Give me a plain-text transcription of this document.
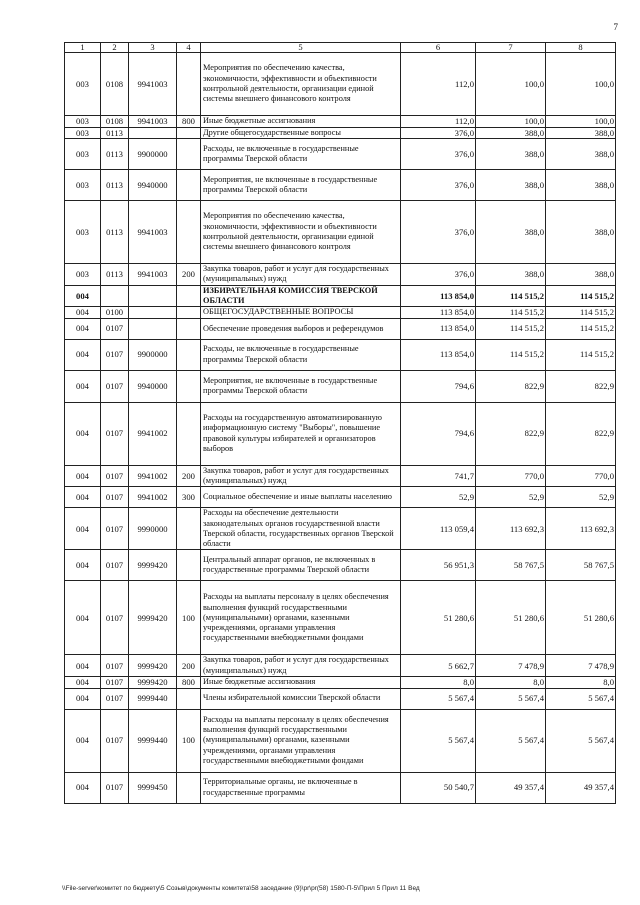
7
1	2	3	4	5	6	7	8
003	0108	9941003		Мероприятия по обеспечению качества, экономичности, эффективности и объективности контрольной деятельности, организации единой системы внешнего финансового контроля	112,0	100,0	100,0
003	0108	9941003	800	Иные бюджетные ассигнования	112,0	100,0	100,0
003	0113			Другие общегосударственные вопросы	376,0	388,0	388,0
003	0113	9900000		Расходы, не включенные в государственные программы Тверской области	376,0	388,0	388,0
003	0113	9940000		Мероприятия, не включенные в государственные программы Тверской области	376,0	388,0	388,0
003	0113	9941003		Мероприятия по обеспечению качества, экономичности, эффективности и объективности контрольной деятельности, организации единой системы внешнего финансового контроля	376,0	388,0	388,0
003	0113	9941003	200	Закупка товаров, работ и услуг для государственных (муниципальных) нужд	376,0	388,0	388,0
004				ИЗБИРАТЕЛЬНАЯ КОМИССИЯ ТВЕРСКОЙ ОБЛАСТИ	113 854,0	114 515,2	114 515,2
004	0100			ОБЩЕГОСУДАРСТВЕННЫЕ ВОПРОСЫ	113 854,0	114 515,2	114 515,2
004	0107			Обеспечение проведения выборов и референдумов	113 854,0	114 515,2	114 515,2
004	0107	9900000		Расходы, не включенные в государственные программы Тверской области	113 854,0	114 515,2	114 515,2
004	0107	9940000		Мероприятия, не включенные в государственные программы Тверской области	794,6	822,9	822,9
004	0107	9941002		Расходы на государственную автоматизированную информационную систему "Выборы", повышение правовой культуры избирателей и организаторов выборов	794,6	822,9	822,9
004	0107	9941002	200	Закупка товаров, работ и услуг для государственных (муниципальных) нужд	741,7	770,0	770,0
004	0107	9941002	300	Социальное обеспечение и иные выплаты населению	52,9	52,9	52,9
004	0107	9990000		Расходы на обеспечение деятельности законодательных органов государственной власти Тверской области, государственных органов Тверской области	113 059,4	113 692,3	113 692,3
004	0107	9999420		Центральный аппарат органов, не включенных в государственные программы Тверской области	56 951,3	58 767,5	58 767,5
004	0107	9999420	100	Расходы на выплаты персоналу в целях обеспечения выполнения функций государственными (муниципальными) органами, казенными учреждениями, органами управления государственными внебюджетными фондами	51 280,6	51 280,6	51 280,6
004	0107	9999420	200	Закупка товаров, работ и услуг для государственных (муниципальных) нужд	5 662,7	7 478,9	7 478,9
004	0107	9999420	800	Иные бюджетные ассигнования	8,0	8,0	8,0
004	0107	9999440		Члены избирательной комиссии Тверской области	5 567,4	5 567,4	5 567,4
004	0107	9999440	100	Расходы на выплаты персоналу в целях обеспечения выполнения функций государственными (муниципальными) органами, казенными учреждениями, органами управления государственными внебюджетными фондами	5 567,4	5 567,4	5 567,4
004	0107	9999450		Территориальные органы, не включенные в государственные программы	50 540,7	49 357,4	49 357,4
\\File-server\комитет по бюджету\5 Созыв\документы комитета\58 заседание (9)\pr\pr(58) 1580-П-5\Прил 5 Прил 11 Вед
